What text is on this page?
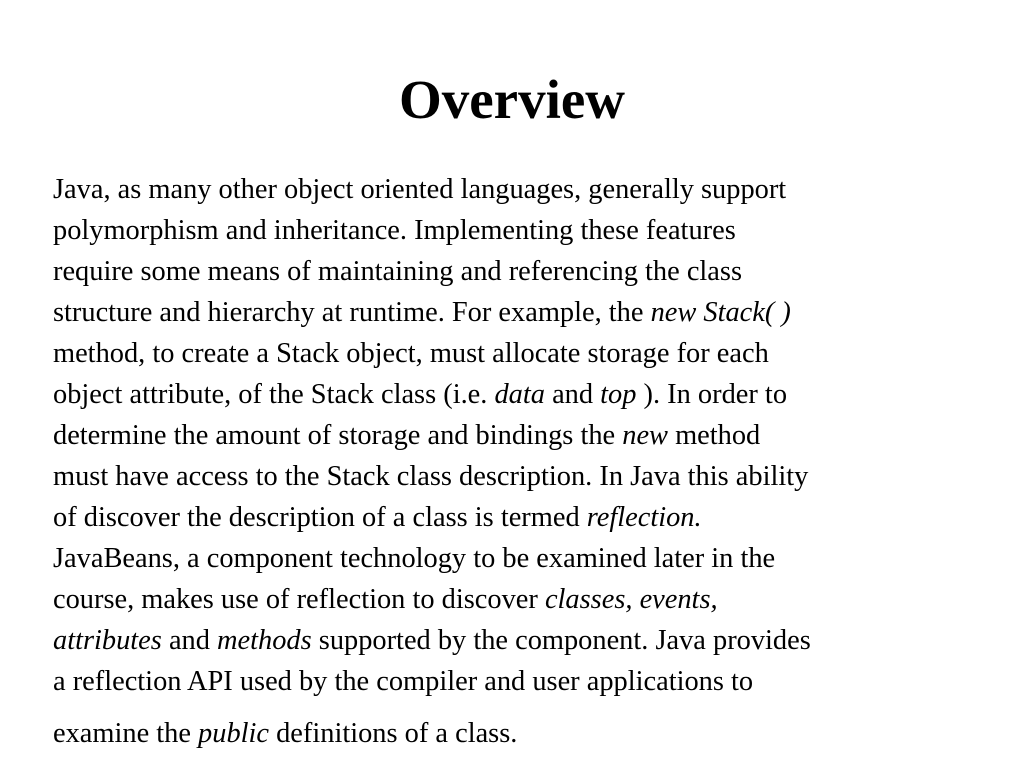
Overview
Java, as many other object oriented languages, generally support
polymorphism and inheritance. Implementing these features
require some means of maintaining and referencing the class
structure and hierarchy at runtime. For example, the new Stack( )
method, to create a Stack object, must allocate storage for each
object attribute, of the Stack class (i.e. data and top ). In order to
determine the amount of storage and bindings the new method
must have access to the Stack class description. In Java this ability
of discover the description of a class is termed reflection.
JavaBeans, a component technology to be examined later in the
course, makes use of reflection to discover classes, events,
attributes and methods supported by the component. Java provides
a reflection API used by the compiler and user applications to
examine the public definitions of a class.
